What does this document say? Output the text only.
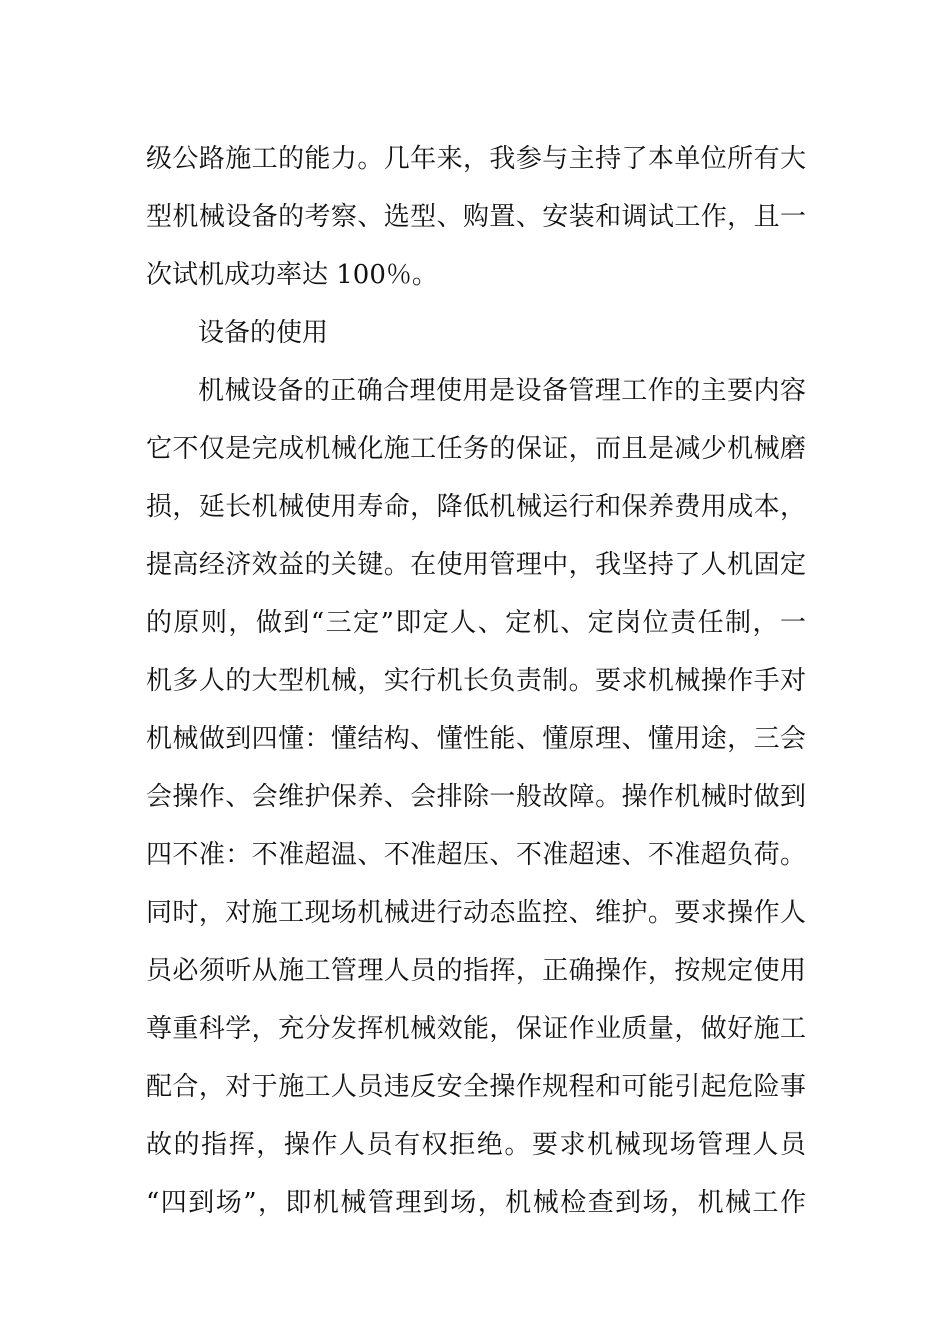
级公路施工的能力。几年来，我参与主持了本单位所有大
型机械设备的考察、选型、购置、安装和调试工作，且一
次试机成功率达 100％。
设备的使用
机械设备的正确合理使用是设备管理工作的主要内容
它不仅是完成机械化施工任务的保证，而且是减少机械磨
损，延长机械使用寿命，降低机械运行和保养费用成本，
提高经济效益的关键。在使用管理中，我坚持了人机固定
的原则，做到“三定”即定人、定机、定岗位责任制，一
机多人的大型机械，实行机长负责制。要求机械操作手对
机械做到四懂：懂结构、懂性能、懂原理、懂用途，三会
会操作、会维护保养、会排除一般故障。操作机械时做到
四不准：不准超温、不准超压、不准超速、不准超负荷。
同时，对施工现场机械进行动态监控、维护。要求操作人
员必须听从施工管理人员的指挥，正确操作，按规定使用
尊重科学，充分发挥机械效能，保证作业质量，做好施工
配合，对于施工人员违反安全操作规程和可能引起危险事
故的指挥，操作人员有权拒绝。要求机械现场管理人员
“四到场”，即机械管理到场，机械检查到场，机械工作
